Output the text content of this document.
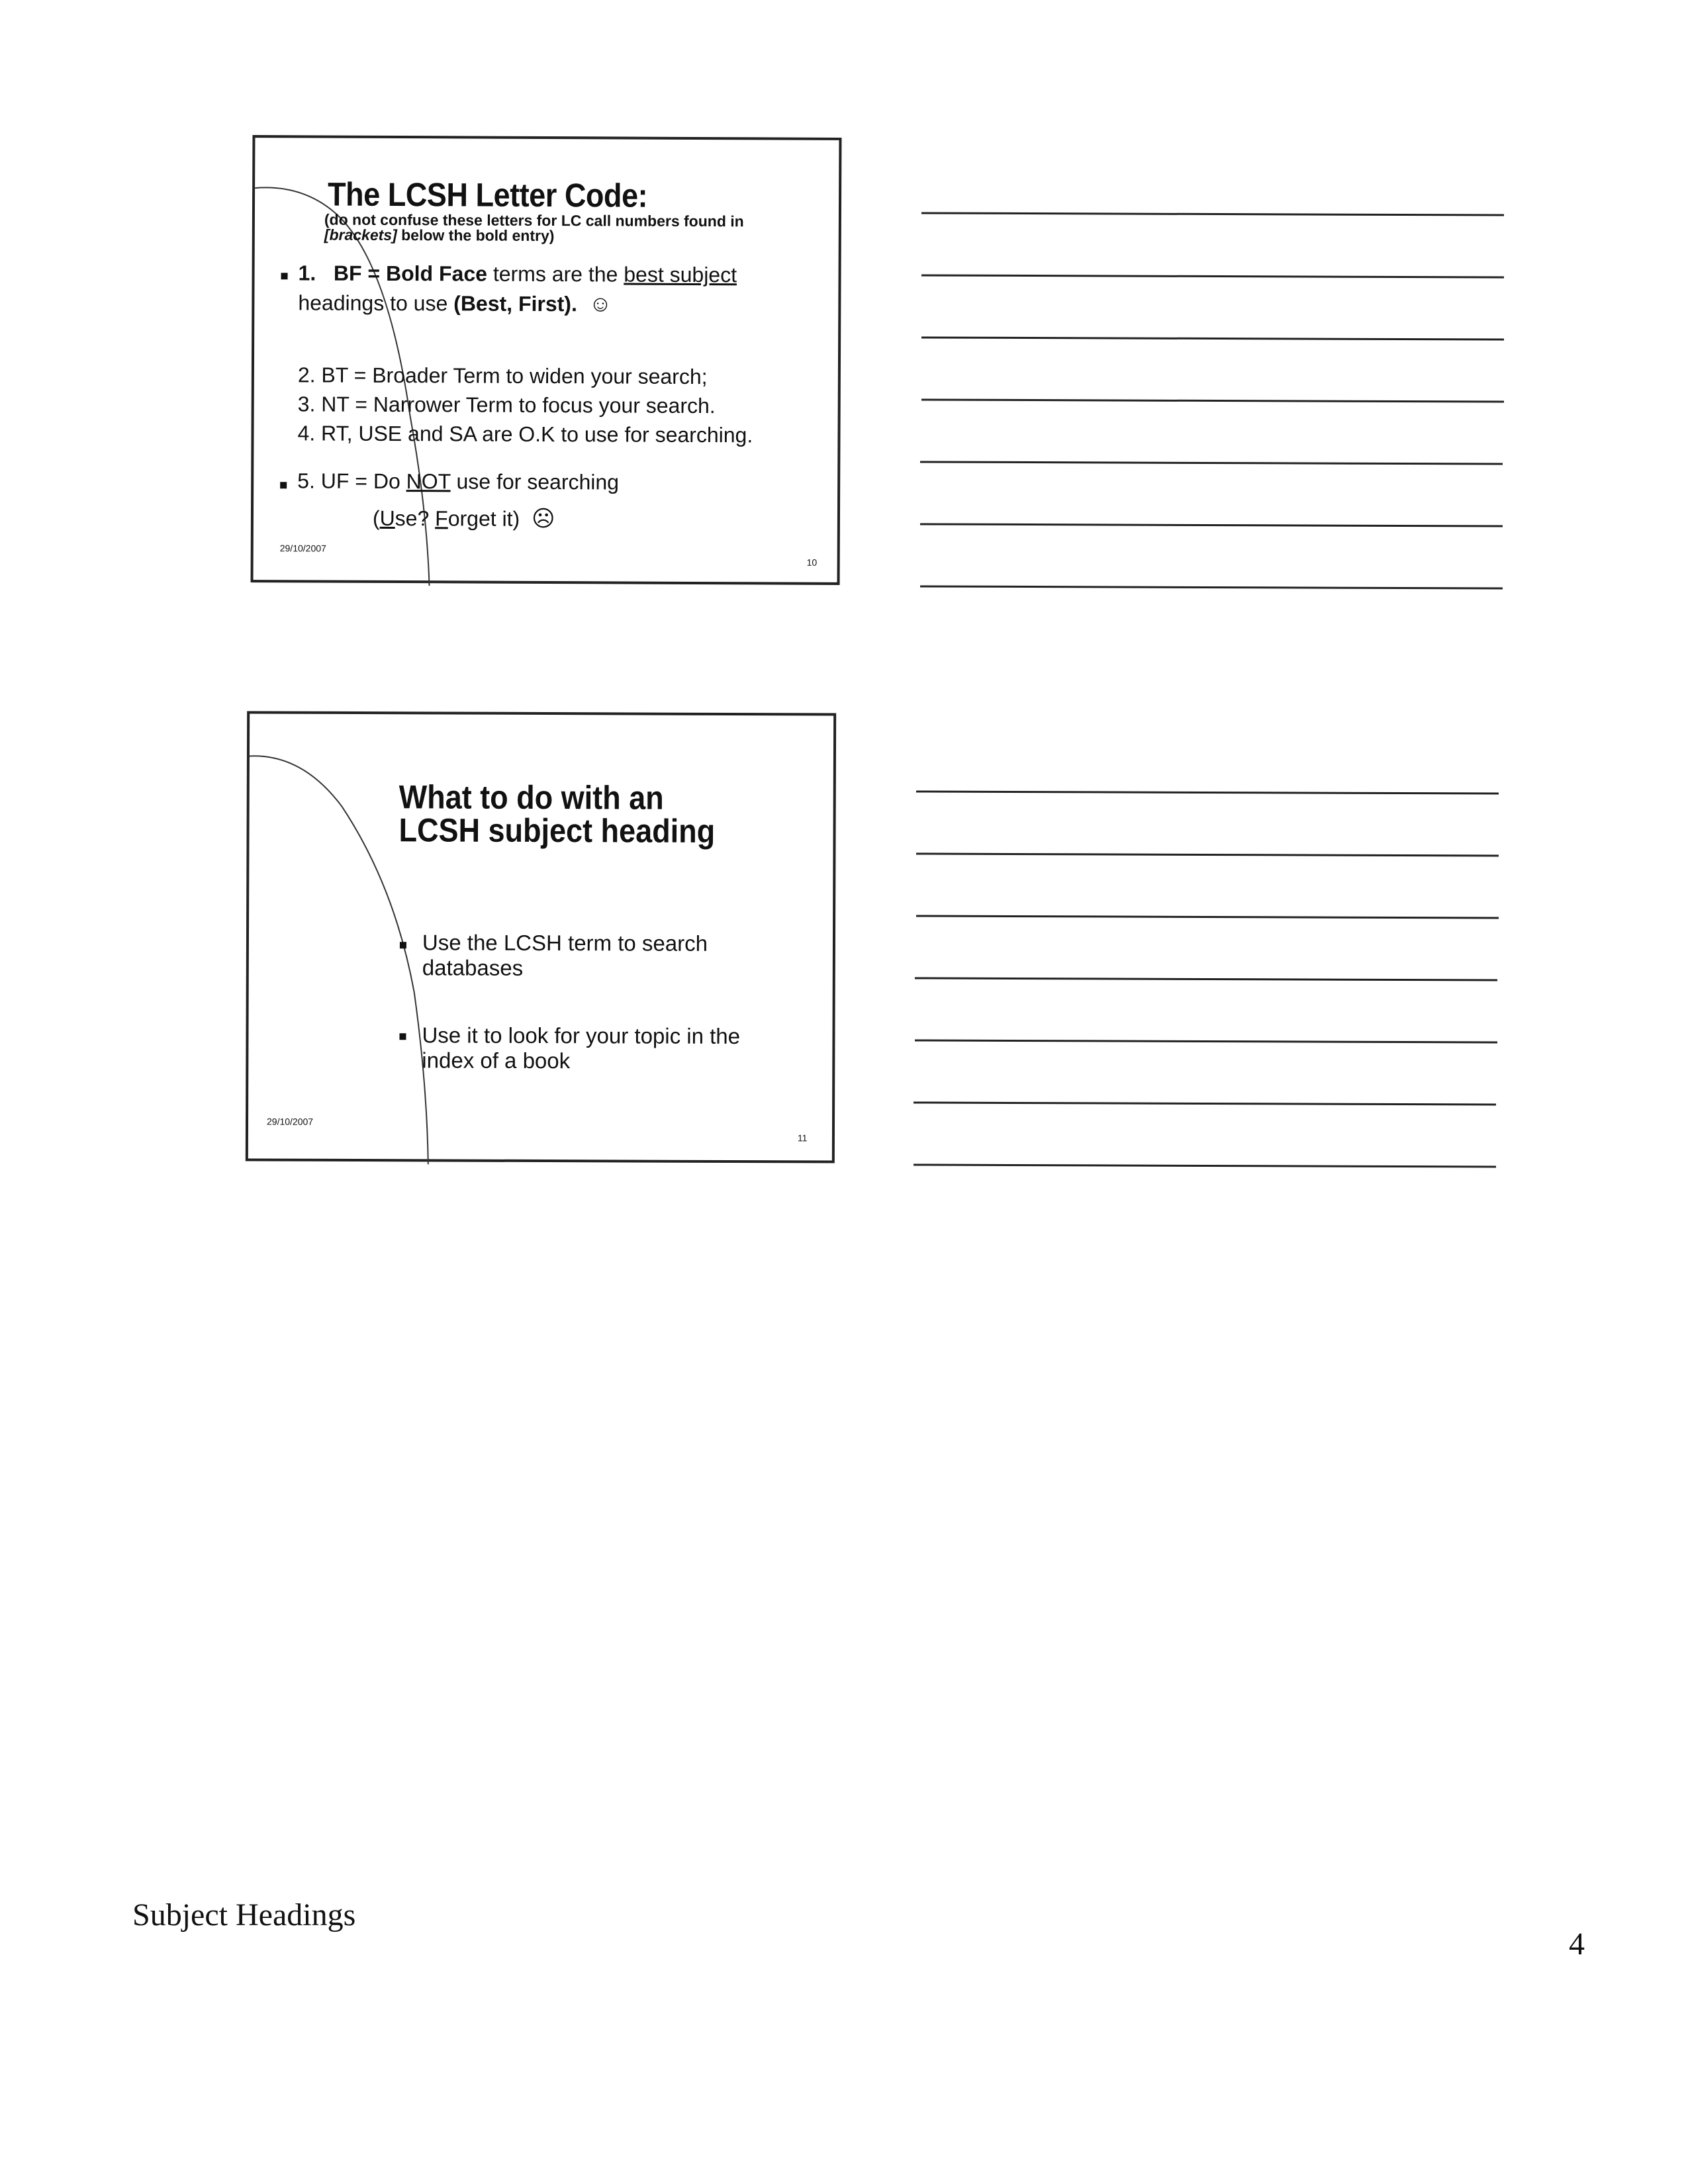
The LCSH Letter Code:
(do not confuse these letters for LC call numbers found in
[brackets] below the bold entry)
1. BF = Bold Face terms are the best subject
headings to use (Best, First). ☺
2. BT = Broader Term to widen your search;
3. NT = Narrower Term to focus your search.
4. RT, USE and SA are O.K to use for searching.
5. UF = Do NOT use for searching
(Use? Forget it) ☹
29/10/2007
10
What to do with an
LCSH subject heading
Use the LCSH term to search databases
Use it to look for your topic in the index of a book
29/10/2007
11
Subject Headings
4
